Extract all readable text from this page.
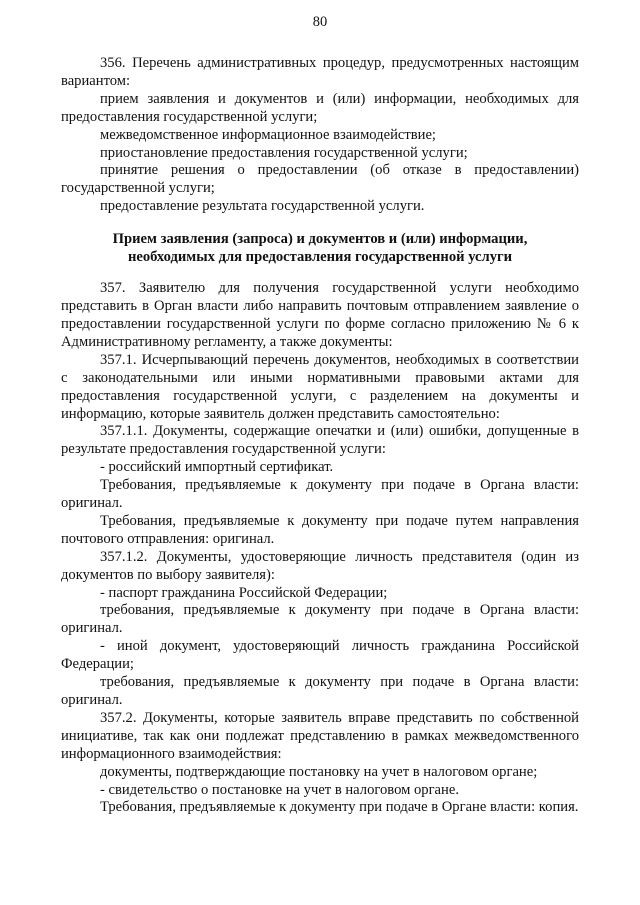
80

356. Перечень административных процедур, предусмотренных настоящим вариантом:

прием заявления и документов и (или) информации, необходимых для предоставления государственной услуги;

межведомственное информационное взаимодействие;

приостановление предоставления государственной услуги;

принятие решения о предоставлении (об отказе в предоставлении) государственной услуги;

предоставление результата государственной услуги.

Прием заявления (запроса) и документов и (или) информации,
необходимых для предоставления государственной услуги

357. Заявителю для получения государственной услуги необходимо представить в Орган власти либо направить почтовым отправлением заявление о предоставлении государственной услуги по форме согласно приложению № 6 к Административному регламенту, а также документы:

357.1. Исчерпывающий перечень документов, необходимых в соответствии с законодательными или иными нормативными правовыми актами для предоставления государственной услуги, с разделением на документы и информацию, которые заявитель должен представить самостоятельно:

357.1.1. Документы, содержащие опечатки и (или) ошибки, допущенные в результате предоставления государственной услуги:

- российский импортный сертификат.

Требования, предъявляемые к документу при подаче в Органа власти: оригинал.

Требования, предъявляемые к документу при подаче путем направления почтового отправления: оригинал.

357.1.2. Документы, удостоверяющие личность представителя (один из документов по выбору заявителя):

- паспорт гражданина Российской Федерации;

требования, предъявляемые к документу при подаче в Органа власти: оригинал.

- иной документ, удостоверяющий личность гражданина Российской Федерации;

требования, предъявляемые к документу при подаче в Органа власти: оригинал.

357.2. Документы, которые заявитель вправе представить по собственной инициативе, так как они подлежат представлению в рамках межведомственного информационного взаимодействия:

документы, подтверждающие постановку на учет в налоговом органе;

- свидетельство о постановке на учет в налоговом органе.

Требования, предъявляемые к документу при подаче в Органе власти: копия.
